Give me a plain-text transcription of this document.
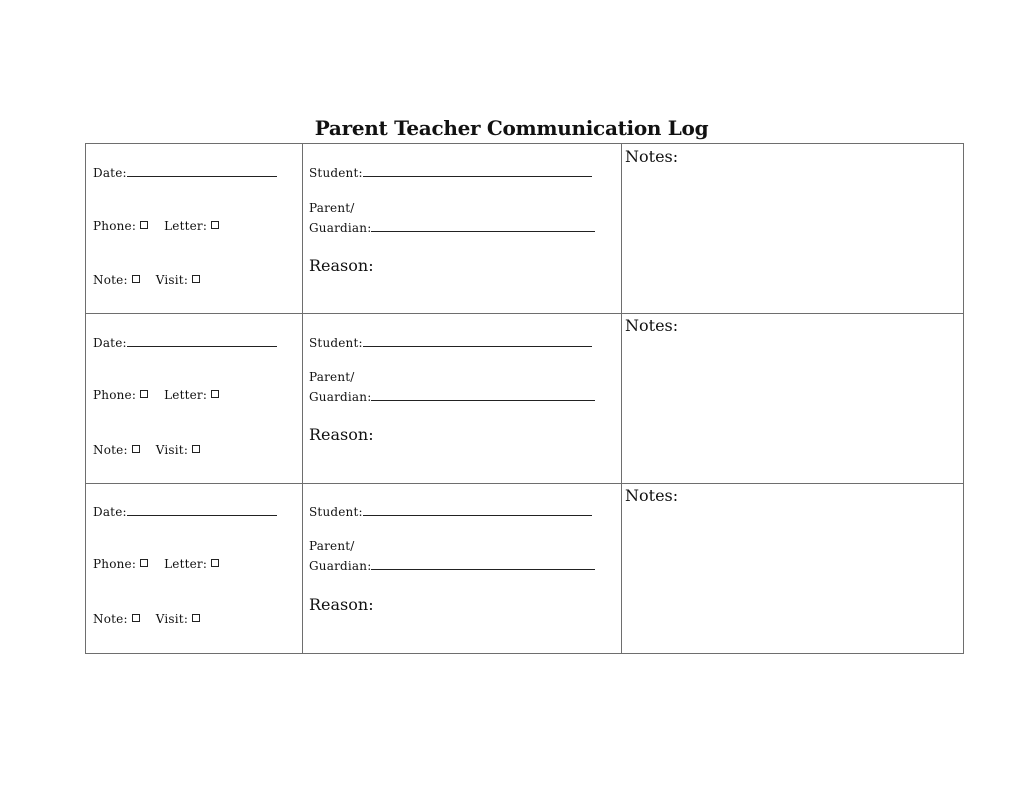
Parent Teacher Communication Log
Date:
Phone: Letter:
Note: Visit:
Student:
Parent/
Guardian:
Reason:
Notes:
Date:
Phone: Letter:
Note: Visit:
Student:
Parent/
Guardian:
Reason:
Notes:
Date:
Phone: Letter:
Note: Visit:
Student:
Parent/
Guardian:
Reason:
Notes:
